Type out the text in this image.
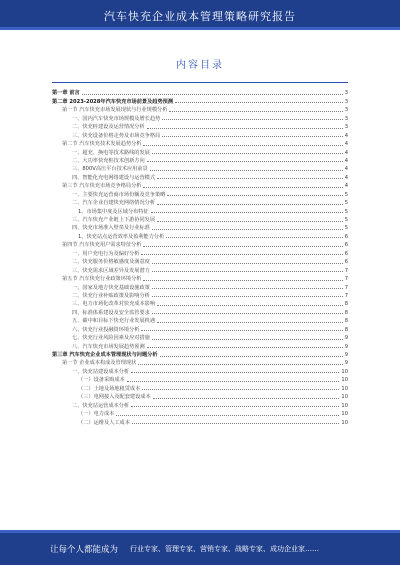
汽车快充企业成本管理策略研究报告
内容目录
第一章 前言	3
第二章 2023-2028年汽车快充市场前景及趋势预测	3
第一节 汽车快充市场发展现状与行业规模分析	3
一、国内汽车快充市场规模及增长趋势	3
二、快充桩建设及运营情况分析	3
三、快充设备价格走势及市场竞争格局	4
第二节 汽车快充技术发展趋势分析	4
一、超充、换电等技术路线的发展	4
二、大功率快充桩技术创新方向	4
三、800V高压平台技术应用前景	4
四、智能化充电网络建设与运营模式	4
第三节 汽车快充市场竞争格局分析	4
一、主要快充运营商市场份额及竞争策略	5
二、汽车企业自建快充网络情况分析	5
1、市场集中度及区域分布特征	5
三、汽车快充产业链上下游协同发展	5
四、快充市场准入壁垒及行业标准	5
1、快充站点运营效率及盈利能力分析	6
第四节 汽车快充用户需求特征分析	6
一、用户充电行为及偏好分析	6
二、快充服务价格敏感度及满意度	6
三、快充需求区域差异及发展潜力	7
第五节 汽车快充行业政策环境分析	7
一、国家及地方快充基础设施政策	7
二、快充行业补贴政策及影响分析	7
三、电力市场化改革对快充成本影响	8
四、标准体系建设及安全监管要求	8
五、碳中和目标下快充行业发展机遇	8
六、快充行业投融资环境分析	8
七、快充行业风险因素及应对措施	9
八、汽车快充市场发展趋势预测	9
第三章 汽车快充企业成本管理现状与问题分析	9
第一节 企业成本构成及管理现状	9
一、快充站建设成本分析	10
（一）设备采购成本	10
（二）土地及场地租赁成本	10
（三）电网接入及配套建设成本	10
二、快充站运营成本分析	10
（一）电力成本	10
（二）运维及人工成本	10
让每个人都能成为 行业专家、管理专家、营销专家、战略专家、成功企业家……
